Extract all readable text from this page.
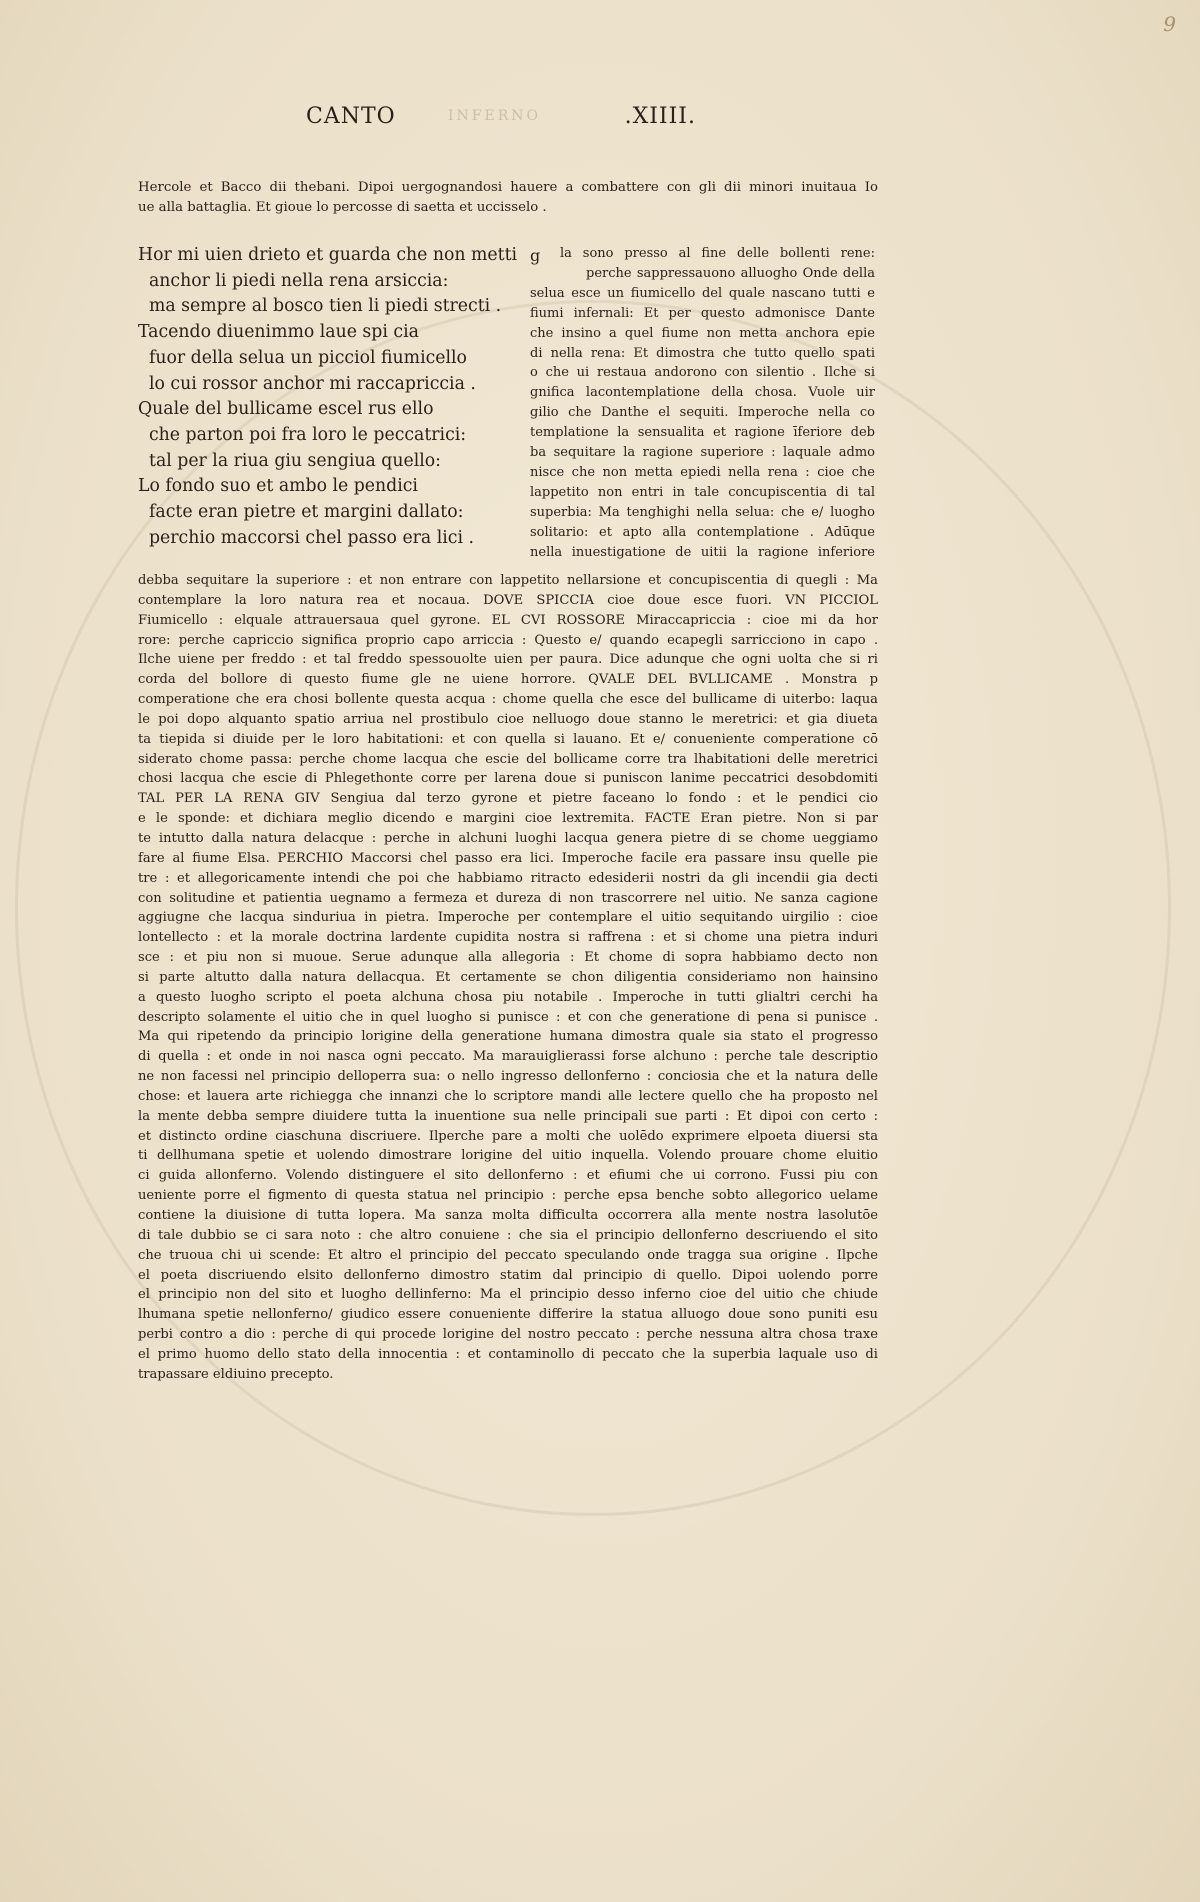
9
CANTO	.XIIII.
INFERNO
Hercole et Bacco dii thebani. Dipoi uergognandosi hauere a combattere con gli dii minori inuitaua Io
ue alla battaglia. Et gioue lo percosse di saetta et uccisselo .
Hor mi uien drieto et guarda che non metti
anchor li piedi nella rena arsiccia:
ma sempre al bosco tien li piedi strecti .
Tacendo diuenimmo laue spi cia
fuor della selua un picciol fiumicello
lo cui rossor anchor mi raccapriccia .
Quale del bullicame escel rus ello
che parton poi fra loro le peccatrici:
tal per la riua giu sengiua quello:
Lo fondo suo et ambo le pendici
facte eran pietre et margini dallato:
perchio maccorsi chel passo era lici .
g	la sono presso al fine delle bollenti rene:
perche sappressauono alluogho Onde della
selua esce un fiumicello del quale nascano tutti e
fiumi infernali: Et per questo admonisce Dante
che insino a quel fiume non metta anchora epie
di nella rena: Et dimostra che tutto quello spati
o che ui restaua andorono con silentio . Ilche si
gnifica lacontemplatione della chosa. Vuole uir
gilio che Danthe el sequiti. Imperoche nella co
templatione la sensualita et ragione īferiore deb
ba sequitare la ragione superiore : laquale admo
nisce che non metta epiedi nella rena : cioe che
lappetito non entri in tale concupiscentia di tal
superbia: Ma tenghighi nella selua: che e/ luogho
solitario: et apto alla contemplatione . Adūque
nella inuestigatione de uitii la ragione inferiore
debba sequitare la superiore : et non entrare con lappetito nellarsione et concupiscentia di quegli : Ma
contemplare la loro natura rea et nocaua. DOVE SPICCIA cioe doue esce fuori. VN PICCIOL
Fiumicello : elquale attrauersaua quel gyrone. EL CVI ROSSORE Miraccapriccia : cioe mi da hor
rore: perche capriccio significa proprio capo arriccia : Questo e/ quando ecapegli sarricciono in capo .
Ilche uiene per freddo : et tal freddo spessouolte uien per paura. Dice adunque che ogni uolta che si ri
corda del bollore di questo fiume gle ne uiene horrore. QVALE DEL BVLLICAME . Monstra p
comperatione che era chosi bollente questa acqua : chome quella che esce del bullicame di uiterbo: laqua
le poi dopo alquanto spatio arriua nel prostibulo cioe nelluogo doue stanno le meretrici: et gia diueta
ta tiepida si diuide per le loro habitationi: et con quella si lauano. Et e/ conueniente comperatione cō
siderato chome passa: perche chome lacqua che escie del bollicame corre tra lhabitationi delle meretrici
chosi lacqua che escie di Phlegethonte corre per larena doue si puniscon lanime peccatrici desobdomiti
TAL PER LA RENA GIV Sengiua dal terzo gyrone et pietre faceano lo fondo : et le pendici cio
e le sponde: et dichiara meglio dicendo e margini cioe lextremita. FACTE Eran pietre. Non si par
te intutto dalla natura delacque : perche in alchuni luoghi lacqua genera pietre di se chome ueggiamo
fare al fiume Elsa. PERCHIO Maccorsi chel passo era lici. Imperoche facile era passare insu quelle pie
tre : et allegoricamente intendi che poi che habbiamo ritracto edesiderii nostri da gli incendii gia decti
con solitudine et patientia uegnamo a fermeza et dureza di non trascorrere nel uitio. Ne sanza cagione
aggiugne che lacqua sinduriua in pietra. Imperoche per contemplare el uitio sequitando uirgilio : cioe
lontellecto : et la morale doctrina lardente cupidita nostra si raffrena : et si chome una pietra induri
sce : et piu non si muoue. Serue adunque alla allegoria : Et chome di sopra habbiamo decto non
si parte altutto dalla natura dellacqua. Et certamente se chon diligentia consideriamo non hainsino
a questo luogho scripto el poeta alchuna chosa piu notabile . Imperoche in tutti glialtri cerchi ha
descripto solamente el uitio che in quel luogho si punisce : et con che generatione di pena si punisce .
Ma qui ripetendo da principio lorigine della generatione humana dimostra quale sia stato el progresso
di quella : et onde in noi nasca ogni peccato. Ma marauiglierassi forse alchuno : perche tale descriptio
ne non facessi nel principio delloperra sua: o nello ingresso dellonferno : conciosia che et la natura delle
chose: et lauera arte richiegga che innanzi che lo scriptore mandi alle lectere quello che ha proposto nel
la mente debba sempre diuidere tutta la inuentione sua nelle principali sue parti : Et dipoi con certo :
et distincto ordine ciaschuna discriuere. Ilperche pare a molti che uolēdo exprimere elpoeta diuersi sta
ti dellhumana spetie et uolendo dimostrare lorigine del uitio inquella. Volendo prouare chome eluitio
ci guida allonferno. Volendo distinguere el sito dellonferno : et efiumi che ui corrono. Fussi piu con
ueniente porre el figmento di questa statua nel principio : perche epsa benche sobto allegorico uelame
contiene la diuisione di tutta lopera. Ma sanza molta difficulta occorrera alla mente nostra lasolutōe
di tale dubbio se ci sara noto : che altro conuiene : che sia el principio dellonferno descriuendo el sito
che truoua chi ui scende: Et altro el principio del peccato speculando onde tragga sua origine . Ilpche
el poeta discriuendo elsito dellonferno dimostro statim dal principio di quello. Dipoi uolendo porre
el principio non del sito et luogho dellinferno: Ma el principio desso inferno cioe del uitio che chiude
lhumana spetie nellonferno/ giudico essere conueniente differire la statua alluogo doue sono puniti esu
perbi contro a dio : perche di qui procede lorigine del nostro peccato : perche nessuna altra chosa traxe
el primo huomo dello stato della innocentia : et contaminollo di peccato che la superbia laquale uso di
trapassare eldiuino precepto.
